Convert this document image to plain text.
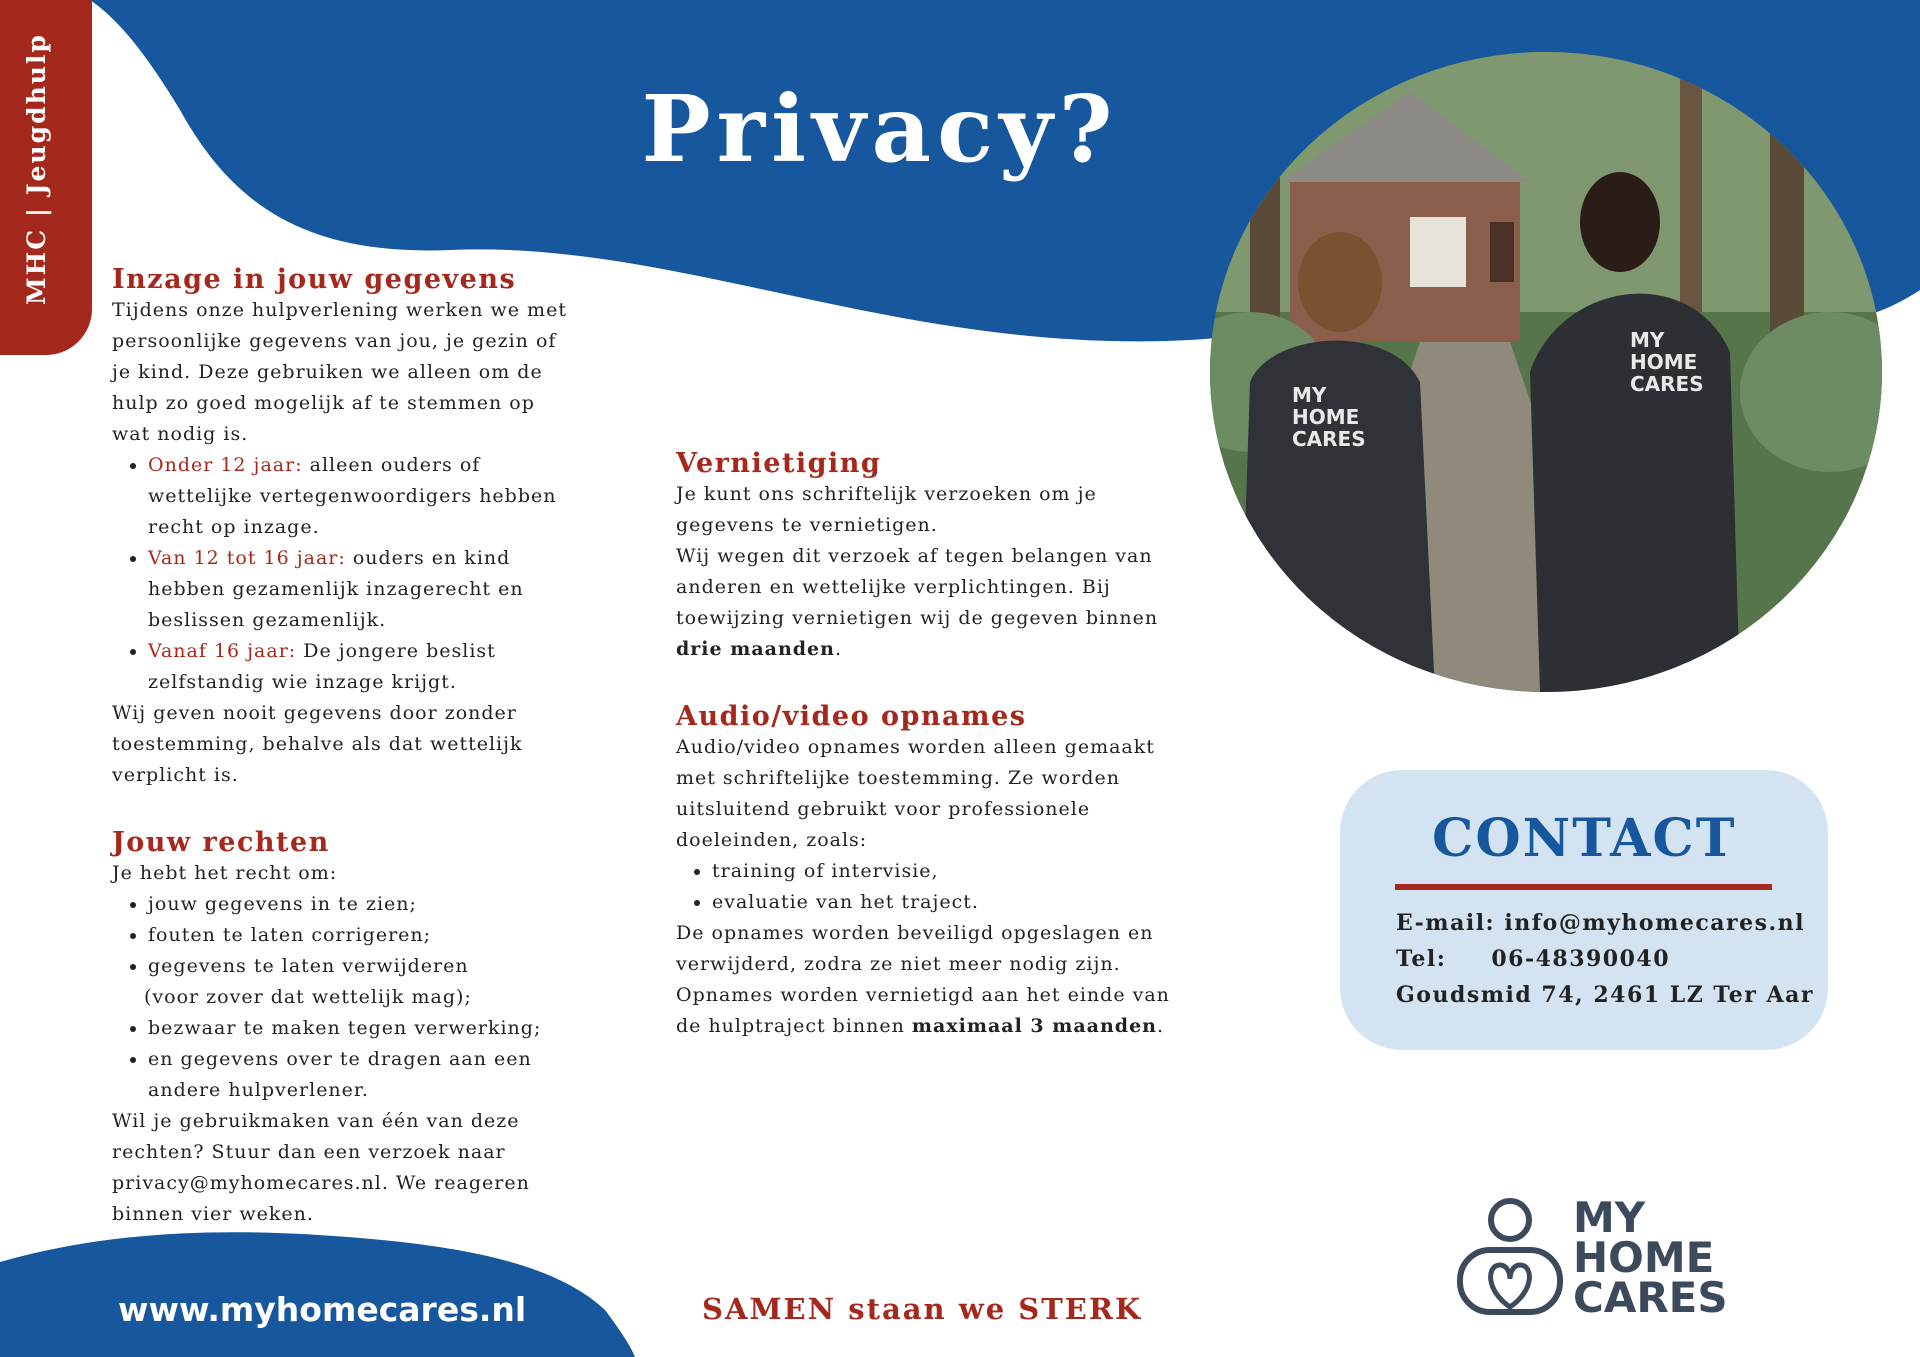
MHC | Jeugdhulp	Privacy?

Inzage in jouw gegevens

Tijdens onze hulpverlening werken we met persoonlijke gegevens van jou, je gezin of je kind. Deze gebruiken we alleen om de hulp zo goed mogelijk af te stemmen op wat nodig is.

• Onder 12 jaar: alleen ouders of wettelijke vertegenwoordigers hebben recht op inzage.
• Van 12 tot 16 jaar: ouders en kind hebben gezamenlijk inzagerecht en beslissen gezamenlijk.
• Vanaf 16 jaar: De jongere beslist zelfstandig wie inzage krijgt.

Wij geven nooit gegevens door zonder toestemming, behalve als dat wettelijk verplicht is.

Jouw rechten

Je hebt het recht om:

• jouw gegevens in te zien;
• fouten te laten corrigeren;
• gegevens te laten verwijderen
(voor zover dat wettelijk mag);
• bezwaar te maken tegen verwerking;
• en gegevens over te dragen aan een andere hulpverlener.

Wil je gebruikmaken van één van deze rechten? Stuur dan een verzoek naar privacy@myhomecares.nl. We reageren binnen vier weken.

Vernietiging

Je kunt ons schriftelijk verzoeken om je gegevens te vernietigen.

Wij wegen dit verzoek af tegen belangen van anderen en wettelijke verplichtingen. Bij toewijzing vernietigen wij de gegeven binnen drie maanden.

Audio/video opnames

Audio/video opnames worden alleen gemaakt met schriftelijke toestemming. Ze worden uitsluitend gebruikt voor professionele doeleinden, zoals:

• training of intervisie,
• evaluatie van het traject.

De opnames worden beveiligd opgeslagen en verwijderd, zodra ze niet meer nodig zijn.

Opnames worden vernietigd aan het einde van de hulptraject binnen maximaal 3 maanden.

MY HOME CARES
MY HOME CARES
CONTACT
E-mail: info@myhomecares.nl
Tel: 06-48390040
Goudsmid 74, 2461 LZ Ter Aar
www.myhomecares.nl	SAMEN staan we STERK
MY
HOME
CARES
